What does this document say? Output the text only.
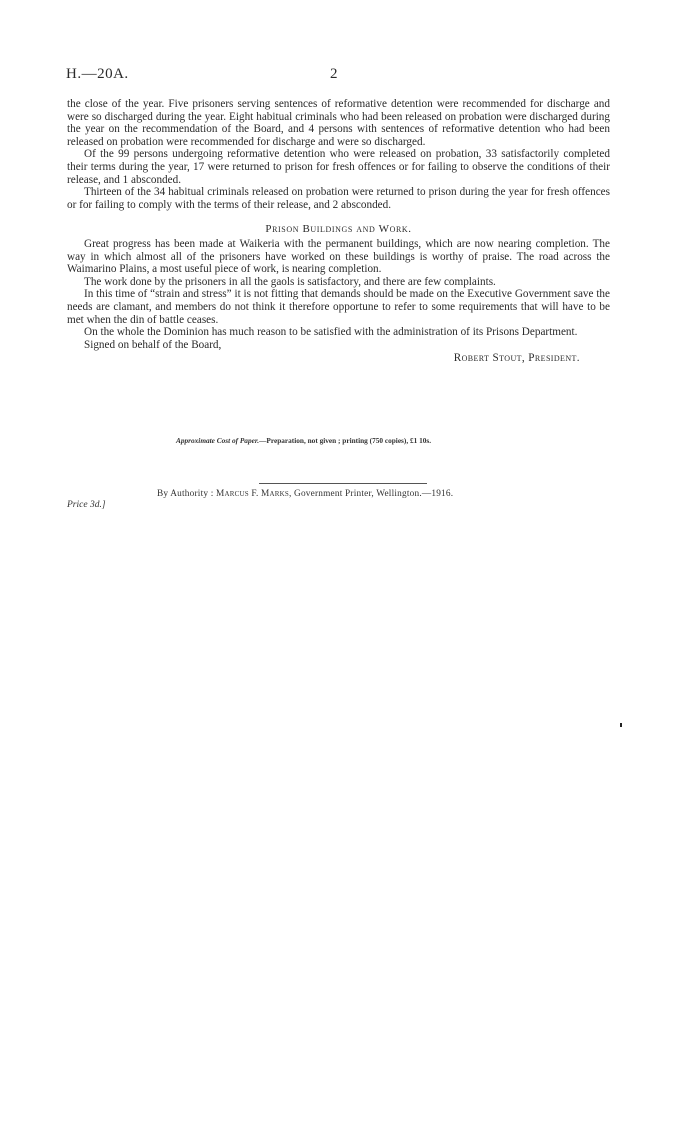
H.—20A.	2

the close of the year. Five prisoners serving sentences of reformative detention were recommended for discharge and were so discharged during the year. Eight habitual criminals who had been released on probation were discharged during the year on the recommendation of the Board, and 4 persons with sentences of reformative detention who had been released on probation were recommended for discharge and were so discharged.

Of the 99 persons undergoing reformative detention who were released on probation, 33 satisfactorily completed their terms during the year, 17 were returned to prison for fresh offences or for failing to observe the conditions of their release, and 1 absconded.

Thirteen of the 34 habitual criminals released on probation were returned to prison during the year for fresh offences or for failing to comply with the terms of their release, and 2 absconded.

Prison Buildings and Work.

Great progress has been made at Waikeria with the permanent buildings, which are now nearing completion. The way in which almost all of the prisoners have worked on these buildings is worthy of praise. The road across the Waimarino Plains, a most useful piece of work, is nearing completion.

The work done by the prisoners in all the gaols is satisfactory, and there are few complaints.

In this time of “strain and stress” it is not fitting that demands should be made on the Executive Government save the needs are clamant, and members do not think it therefore opportune to refer to some requirements that will have to be met when the din of battle ceases.

On the whole the Dominion has much reason to be satisfied with the administration of its Prisons Department.

Signed on behalf of the Board,

Robert Stout, President.
Approximate Cost of Paper.—Preparation, not given ; printing (750 copies), £1 10s.
By Authority : Marcus F. Marks, Government Printer, Wellington.—1916.
Price 3d.]
